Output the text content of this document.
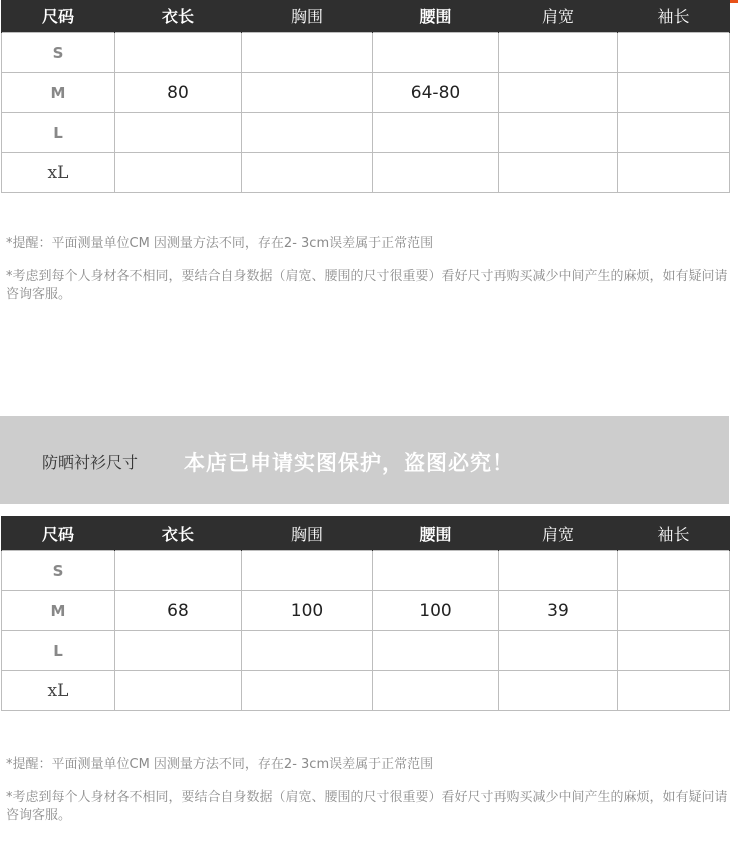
尺码	衣长	胸围	腰围	肩宽	袖长
S					
M	80		64-80		
L					
xL					

*提醒：平面测量单位CM 因测量方法不同，存在2- 3cm误差属于正常范围

*考虑到每个人身材各不相同，要结合自身数据（肩宽、腰围的尺寸很重要）看好尺寸再购买减少中间产生的麻烦，如有疑问请咨询客服。

防晒衬衫尺寸 本店已申请实图保护，盗图必究！
尺码	衣长	胸围	腰围	肩宽	袖长
S					
M	68	100	100	39	
L					
xL					

*提醒：平面测量单位CM 因测量方法不同，存在2- 3cm误差属于正常范围

*考虑到每个人身材各不相同，要结合自身数据（肩宽、腰围的尺寸很重要）看好尺寸再购买减少中间产生的麻烦，如有疑问请咨询客服。
